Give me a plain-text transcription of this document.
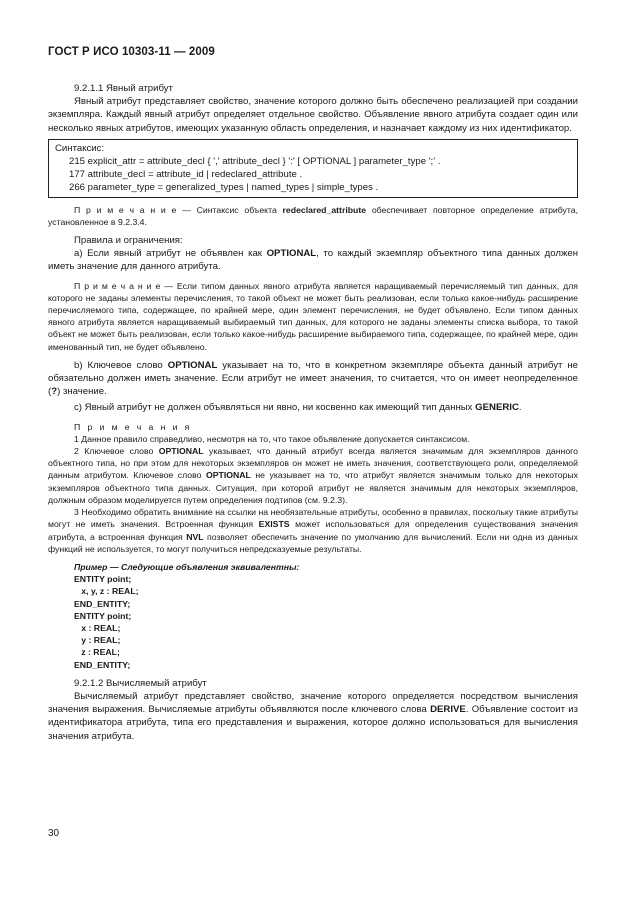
ГОСТ Р ИСО 10303-11 — 2009

9.2.1.1 Явный атрибут

Явный атрибут представляет свойство, значение которого должно быть обеспечено реализацией при создании экземпляра. Каждый явный атрибут определяет отдельное свойство. Объявление явного атрибута создает один или несколько явных атрибутов, имеющих указанную область определения, и назначает каждому из них идентификатор.

Синтаксис:
215 explicit_attr = attribute_decl { ',' attribute_decl } ':' [ OPTIONAL ] parameter_type ';' .
177 attribute_decl = attribute_id | redeclared_attribute .
266 parameter_type = generalized_types | named_types | simple_types .

П р и м е ч а н и е — Синтаксис объекта redeclared_attribute обеспечивает повторное определение атрибута, установленное в 9.2.3.4.

Правила и ограничения:

а) Если явный атрибут не объявлен как OPTIONAL, то каждый экземпляр объектного типа данных должен иметь значение для данного атрибута.

П р и м е ч а н и е — Если типом данных явного атрибута является наращиваемый перечисляемый тип данных, для которого не заданы элементы перечисления, то такой объект не может быть реализован, если только какое-нибудь расширение перечисляемого типа, содержащее, по крайней мере, один элемент перечисления, не будет объявлено. Если типом данных явного атрибута является наращиваемый выбираемый тип данных, для которого не заданы элементы списка выбора, то такой объект не может быть реализован, если только какое-нибудь расширение выбираемого типа, содержащее, по крайней мере, один именованный тип, не будет объявлено.

b) Ключевое слово OPTIONAL указывает на то, что в конкретном экземпляре объекта данный атрибут не обязательно должен иметь значение. Если атрибут не имеет значения, то считается, что он имеет неопределенное (?) значение.

с) Явный атрибут не должен объявляться ни явно, ни косвенно как имеющий тип данных GENERIC.

П р и м е ч а н и я

1 Данное правило справедливо, несмотря на то, что такое объявление допускается синтаксисом.

2 Ключевое слово OPTIONAL указывает, что данный атрибут всегда является значимым для экземпляров данного объектного типа, но при этом для некоторых экземпляров он может не иметь значения, соответствующего роли, определяемой данным атрибутом. Ключевое слово OPTIONAL не указывает на то, что атрибут является значимым только для некоторых экземпляров объектного типа данных. Ситуация, при которой атрибут не является значимым для некоторых экземпляров, должным образом моделируется путем определения подтипов (см. 9.2.3).

3 Необходимо обратить внимание на ссылки на необязательные атрибуты, особенно в правилах, поскольку такие атрибуты могут не иметь значения. Встроенная функция EXISTS может использоваться для определения существования значения атрибута, а встроенная функция NVL позволяет обеспечить значение по умолчанию для вычислений. Если ни одна из данных функций не используется, то могут получиться непредсказуемые результаты.

Пример — Следующие объявления эквивалентны:
ENTITY point;
x, y, z : REAL;
END_ENTITY;
ENTITY point;
x : REAL;
y : REAL;
z : REAL;
END_ENTITY;

9.2.1.2 Вычисляемый атрибут

Вычисляемый атрибут представляет свойство, значение которого определяется посредством вычисления значения выражения. Вычисляемые атрибуты объявляются после ключевого слова DERIVE. Объявление состоит из идентификатора атрибута, типа его представления и выражения, которое должно использоваться для вычисления значения атрибута.

30
